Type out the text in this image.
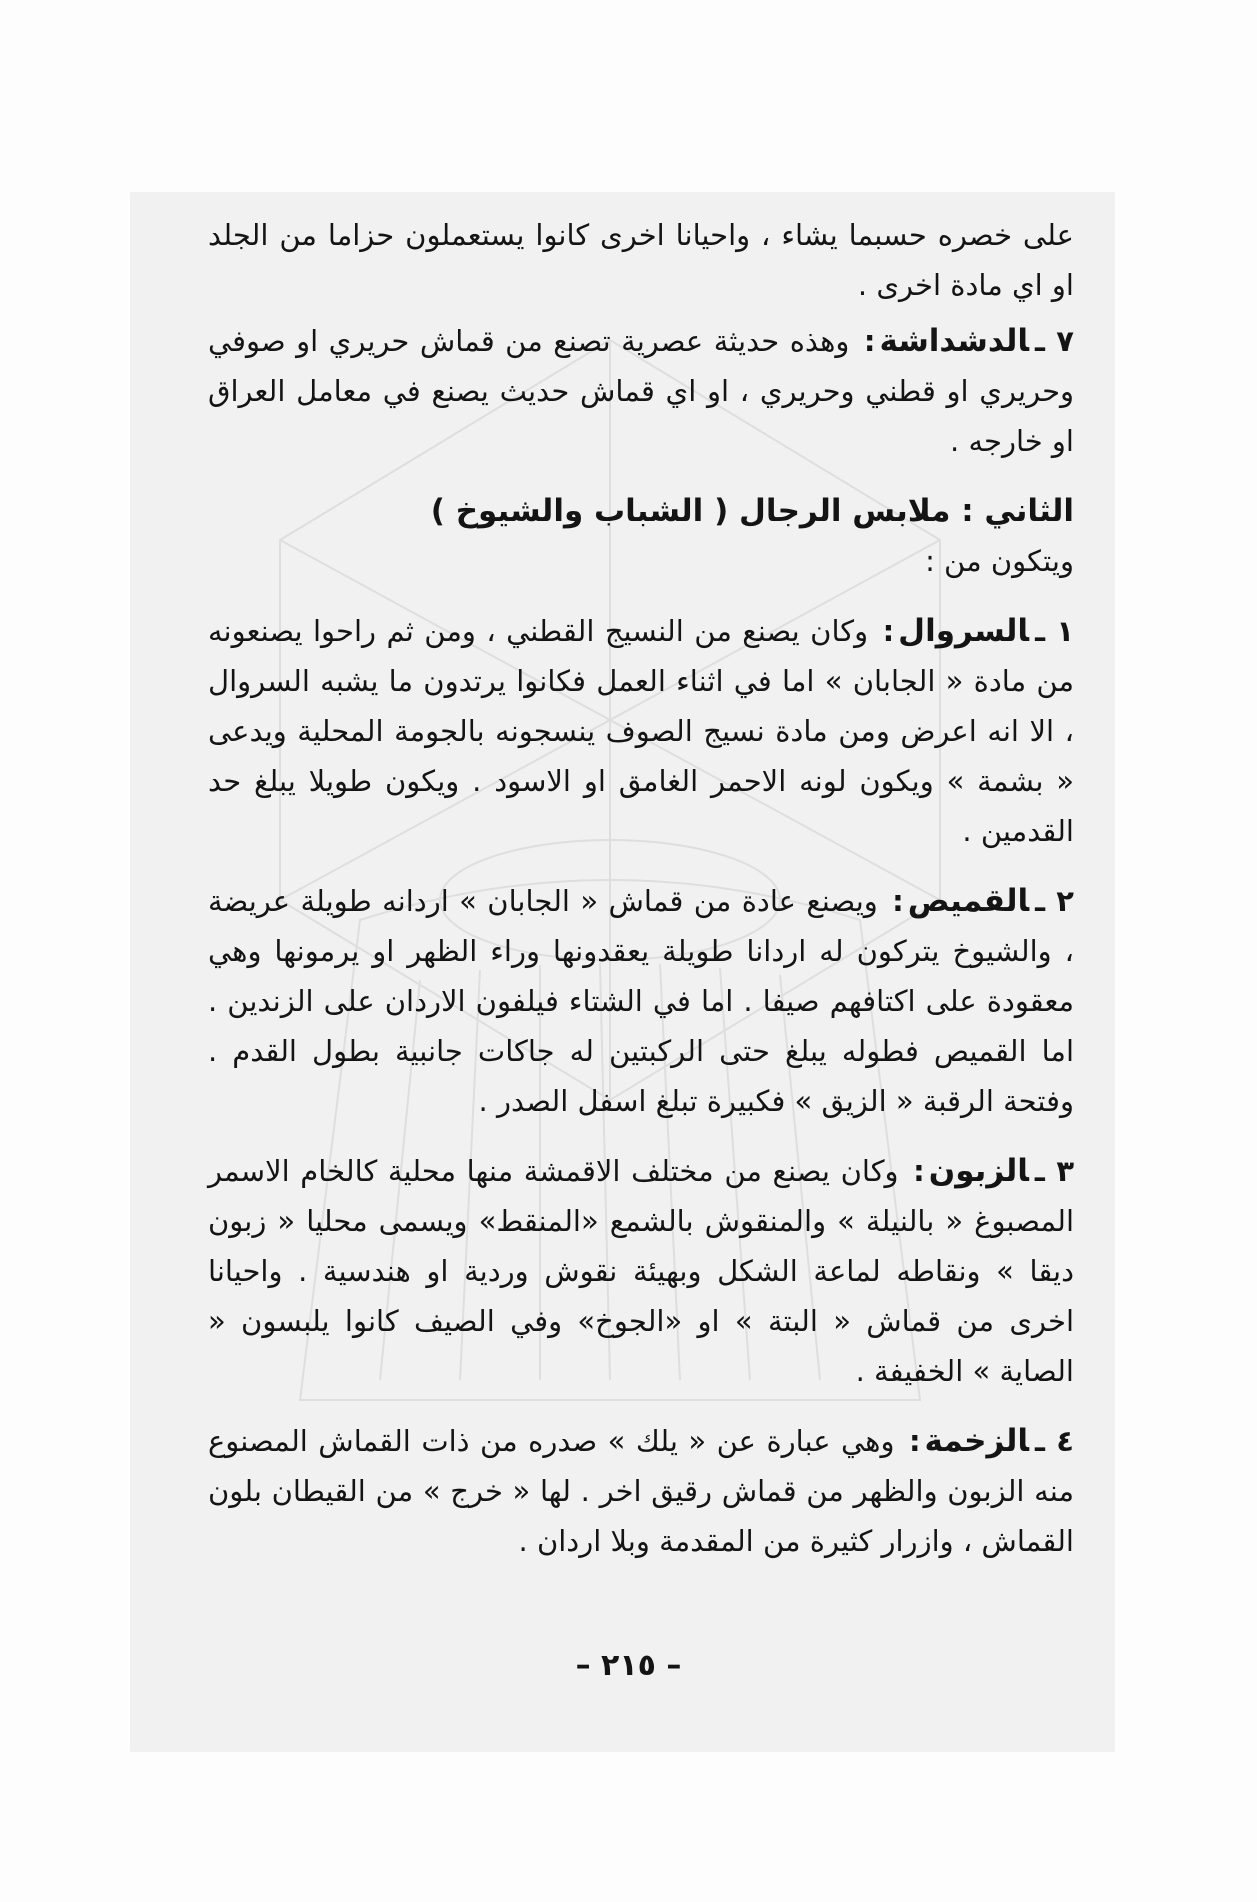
على خصره حسبما يشاء ، واحيانا اخرى كانوا يستعملون حزاما من الجلد او اي مادة اخرى .

٧ ـالدشداشة: وهذه حديثة عصرية تصنع من قماش حريري او صوفي وحريري او قطني وحريري ، او اي قماش حديث يصنع في معامل العراق او خارجه .

الثاني : ملابس الرجال ( الشباب والشيوخ )
ويتكون من :

١ ـالسروال: وكان يصنع من النسيج القطني ، ومن ثم راحوا يصنعونه من مادة « الجابان » اما في اثناء العمل فكانوا يرتدون ما يشبه السروال ، الا انه اعرض ومن مادة نسيج الصوف ينسجونه بالجومة المحلية ويدعى « بشمة » ويكون لونه الاحمر الغامق او الاسود . ويكون طويلا يبلغ حد القدمين .

٢ ـالقميص: ويصنع عادة من قماش « الجابان » اردانه طويلة عريضة ، والشيوخ يتركون له اردانا طويلة يعقدونها وراء الظهر او يرمونها وهي معقودة على اكتافهم صيفا . اما في الشتاء فيلفون الاردان على الزندين . اما القميص فطوله يبلغ حتى الركبتين له جاكات جانبية بطول القدم . وفتحة الرقبة « الزيق » فكبيرة تبلغ اسفل الصدر .

٣ ـالزبون: وكان يصنع من مختلف الاقمشة منها محلية كالخام الاسمر المصبوغ « بالنيلة » والمنقوش بالشمع «المنقط» ويسمى محليا « زبون ديقا » ونقاطه لماعة الشكل وبهيئة نقوش وردية او هندسية . واحيانا اخرى من قماش « البتة » او «الجوخ» وفي الصيف كانوا يلبسون « الصاية » الخفيفة .

٤ ـالزخمة: وهي عبارة عن « يلك » صدره من ذات القماش المصنوع منه الزبون والظهر من قماش رقيق اخر . لها « خرج » من القيطان بلون القماش ، وازرار كثيرة من المقدمة وبلا اردان .

– ٢١٥ –
